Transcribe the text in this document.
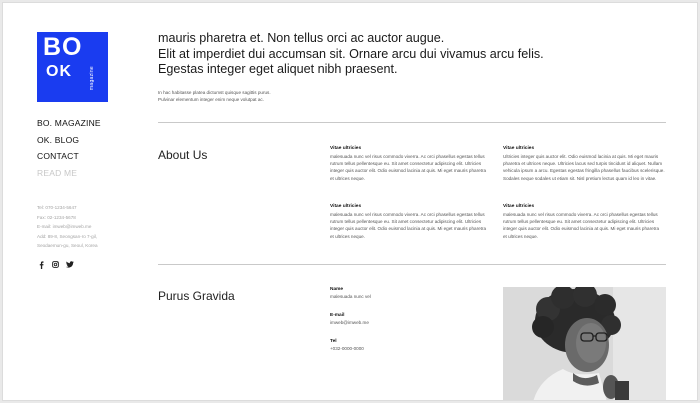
BO
OK	magazine
BO. MAGAZINE
OK. BLOG
CONTACT
READ ME
Tel: 070-1234-5647
Fax: 02-1234-5678
E-mail: imweb@imweb.me
Add: 89-8, Seongsan-ro 7-gil,
Seodaemun-gu, Seoul, Korea
mauris pharetra et. Non tellus orci ac auctor augue.
Elit at imperdiet dui accumsan sit. Ornare arcu dui vivamus arcu felis.
Egestas integer eget aliquet nibh praesent.
In hac habitasse platea dictumst quisque sagittis purus.
Pulvinar elementum integer enim neque volutpat ac.
About Us	Vitae ultricies
malesuada nunc vel risus commodo viverra. Ac orci phasellus egestas tellus
rutrum tellus pellentesque eu. Sit amet consectetur adipiscing elit. Ultricies
integer quis auctor elit. Odio euismod lacinia at quis. Mi eget mauris pharetra
et ultrices neque.
Vitae ultricies
Ultricies integer quis auctor elit. Odio euismod lacinia at quis. Mi eget mauris
pharetra et ultrices neque. Ultricies lacus sed turpis tincidunt id aliquet. Nullam
vehicula ipsum a arcu. Egestas egestas fringilla phasellus faucibus scelerisque.
Sodales neque sodales ut etiam sit. Nisl pretium lectus quam id leo in vitae.
Vitae ultricies
malesuada nunc vel risus commodo viverra. Ac orci phasellus egestas tellus
rutrum tellus pellentesque eu. Sit amet consectetur adipiscing elit. Ultricies
integer quis auctor elit. Odio euismod lacinia at quis. Mi eget mauris pharetra
et ultrices neque.
Vitae ultricies
malesuada nunc vel risus commodo viverra. Ac orci phasellus egestas tellus
rutrum tellus pellentesque eu. Sit amet consectetur adipiscing elit. Ultricies
integer quis auctor elit. Odio euismod lacinia at quis. Mi eget mauris pharetra
et ultrices neque.
Purus Gravida	Name
malesuada nunc vel
E-mail
imweb@imweb.me
Tel
+032-0000-0000
